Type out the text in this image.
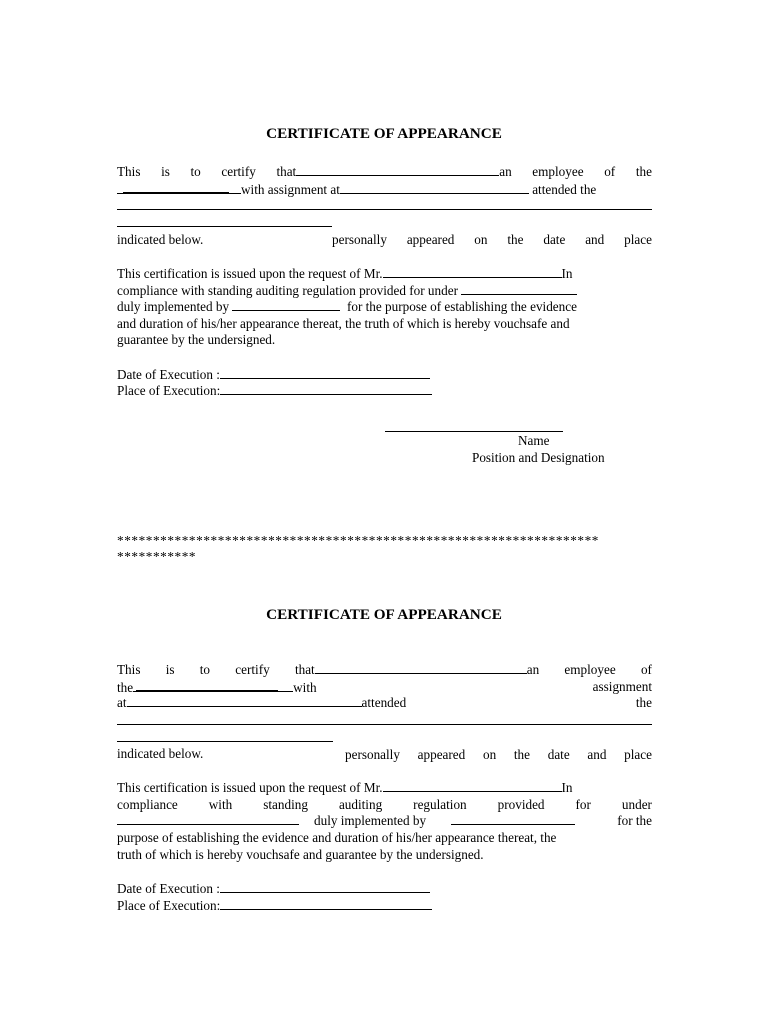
CERTIFICATE OF APPEARANCE
This is to certify that	an employee of the
with assignment at	attended the
personally appeared on the date and place
indicated below.
This certification is issued upon the request of Mr.	In
compliance with standing auditing regulation provided for under
duly implemented by	for the purpose of establishing the evidence
and duration of his/her appearance thereat, the truth of which is hereby vouchsafe and
guarantee by the undersigned.
Date of Execution :
Place of Execution:
Name
Position and Designation
*******************************************************************
***********
CERTIFICATE OF APPEARANCE
This is to certify that	an employee of
the	with	assignment
at	attended	the
personally appeared on the date and place
indicated below.
This certification is issued upon the request of Mr.	In
compliance with standing auditing regulation provided for under
duly implemented by	for the
purpose of establishing the evidence and duration of his/her appearance thereat, the
truth of which is hereby vouchsafe and guarantee by the undersigned.
Date of Execution :
Place of Execution:
